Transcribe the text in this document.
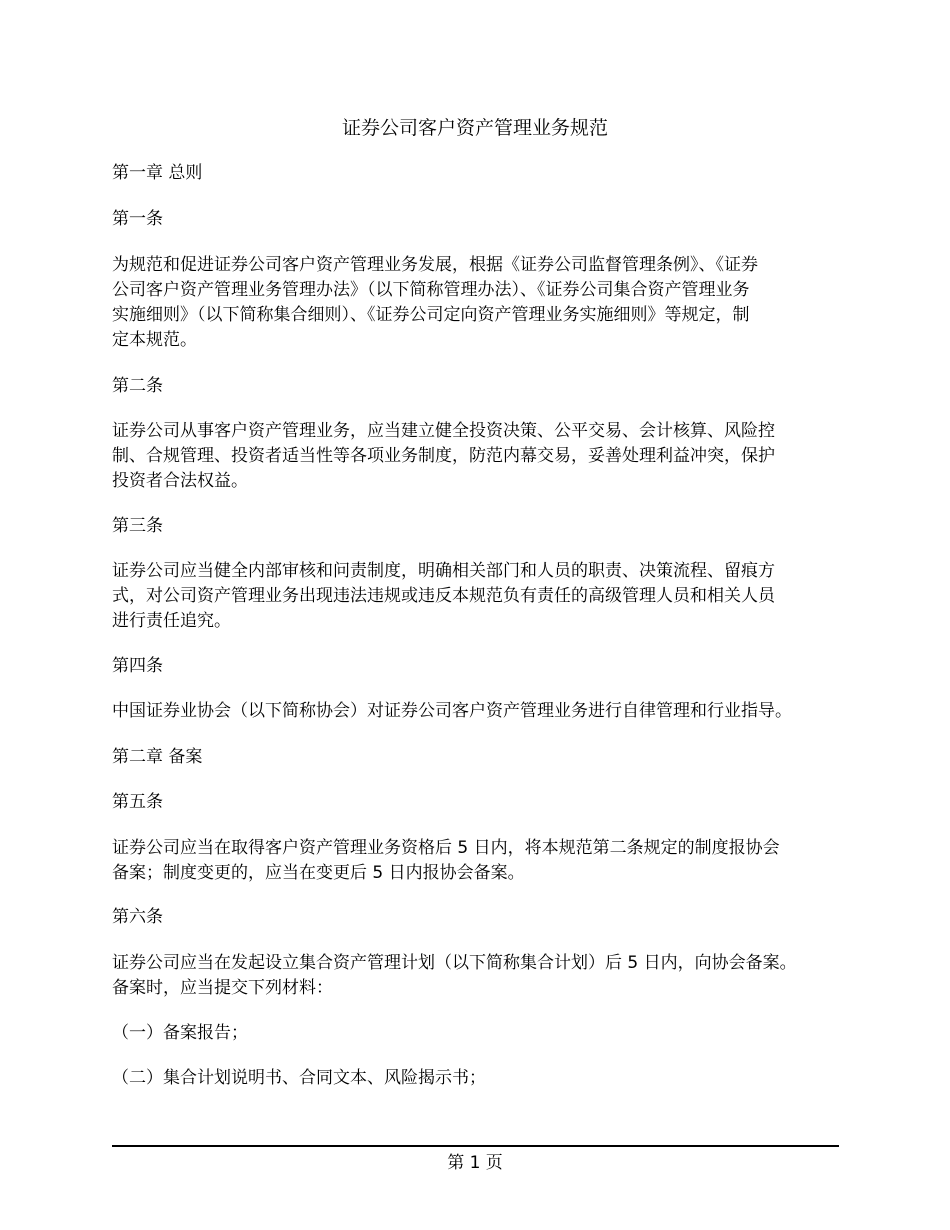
证券公司客户资产管理业务规范
第一章 总则
第一条
为规范和促进证券公司客户资产管理业务发展，根据《证券公司监督管理条例》、《证券
公司客户资产管理业务管理办法》（以下简称管理办法）、《证券公司集合资产管理业务
实施细则》（以下简称集合细则）、《证券公司定向资产管理业务实施细则》等规定，制
定本规范。
第二条
证券公司从事客户资产管理业务，应当建立健全投资决策、公平交易、会计核算、风险控
制、合规管理、投资者适当性等各项业务制度，防范内幕交易，妥善处理利益冲突，保护
投资者合法权益。
第三条
证券公司应当健全内部审核和问责制度，明确相关部门和人员的职责、决策流程、留痕方
式，对公司资产管理业务出现违法违规或违反本规范负有责任的高级管理人员和相关人员
进行责任追究。
第四条
中国证券业协会（以下简称协会）对证券公司客户资产管理业务进行自律管理和行业指导。
第二章 备案
第五条
证券公司应当在取得客户资产管理业务资格后 5 日内，将本规范第二条规定的制度报协会
备案；制度变更的，应当在变更后 5 日内报协会备案。
第六条
证券公司应当在发起设立集合资产管理计划（以下简称集合计划）后 5 日内，向协会备案。
备案时，应当提交下列材料：
（一）备案报告；
（二）集合计划说明书、合同文本、风险揭示书；
第 1 页
